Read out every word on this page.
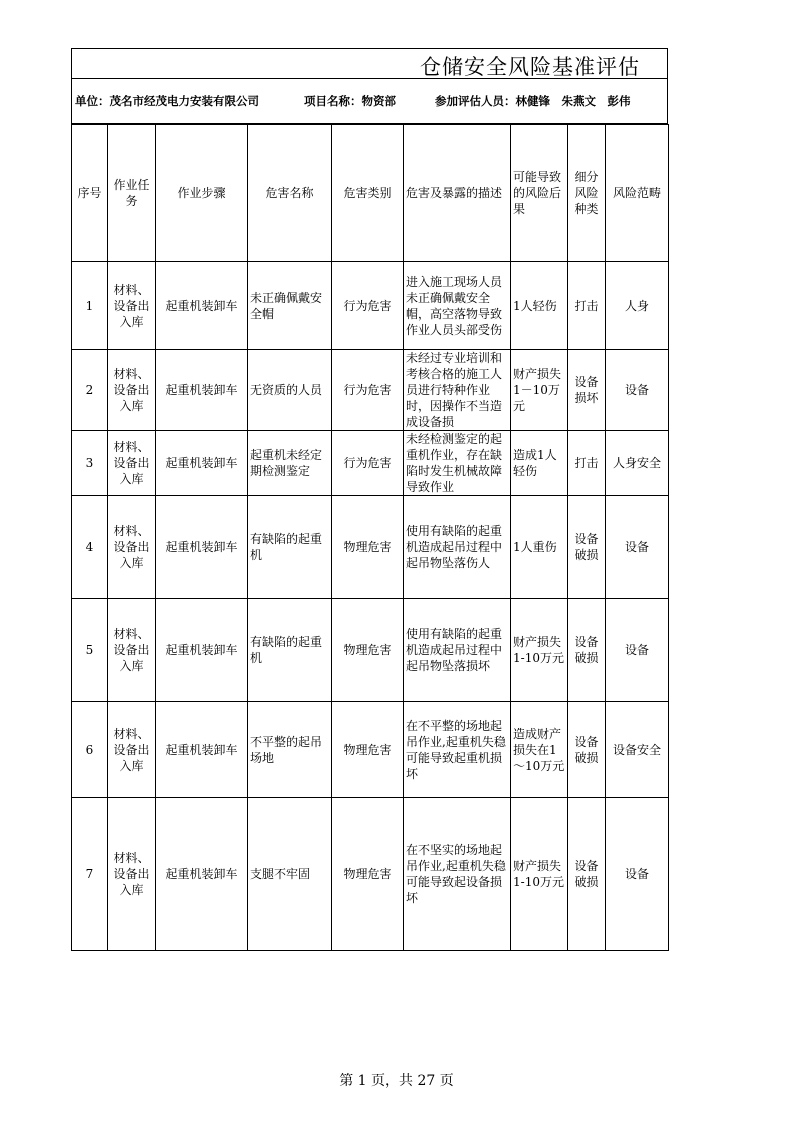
仓储安全风险基准评估
单位：茂名市经茂电力安装有限公司	项目名称：物资部	参加评估人员：林健锋　朱燕文　彭伟
序号	作业任务	作业步骤	危害名称	危害类别	危害及暴露的描述	可能导致的风险后果	细分风险种类	风险范畴
1	材料、设备出入库	起重机装卸车	未正确佩戴安全帽	行为危害	进入施工现场人员未正确佩戴安全帽，高空落物导致作业人员头部受伤	1人轻伤	打击	人身
2	材料、设备出入库	起重机装卸车	无资质的人员	行为危害	未经过专业培训和考核合格的施工人员进行特种作业时，因操作不当造成设备损	财产损失1－10万元	设备损坏	设备
3	材料、设备出入库	起重机装卸车	起重机未经定期检测鉴定	行为危害	未经检测鉴定的起重机作业，存在缺陷时发生机械故障导致作业	造成1人轻伤	打击	人身安全
4	材料、设备出入库	起重机装卸车	有缺陷的起重机	物理危害	使用有缺陷的起重机造成起吊过程中起吊物坠落伤人	1人重伤	设备破损	设备
5	材料、设备出入库	起重机装卸车	有缺陷的起重机	物理危害	使用有缺陷的起重机造成起吊过程中起吊物坠落损坏	财产损失1-10万元	设备破损	设备
6	材料、设备出入库	起重机装卸车	不平整的起吊场地	物理危害	在不平整的场地起吊作业,起重机失稳可能导致起重机损坏	造成财产损失在1～10万元	设备破损	设备安全
7	材料、设备出入库	起重机装卸车	支腿不牢固	物理危害	在不坚实的场地起吊作业,起重机失稳可能导致起设备损坏	财产损失1-10万元	设备破损	设备
第 1 页，共 27 页
